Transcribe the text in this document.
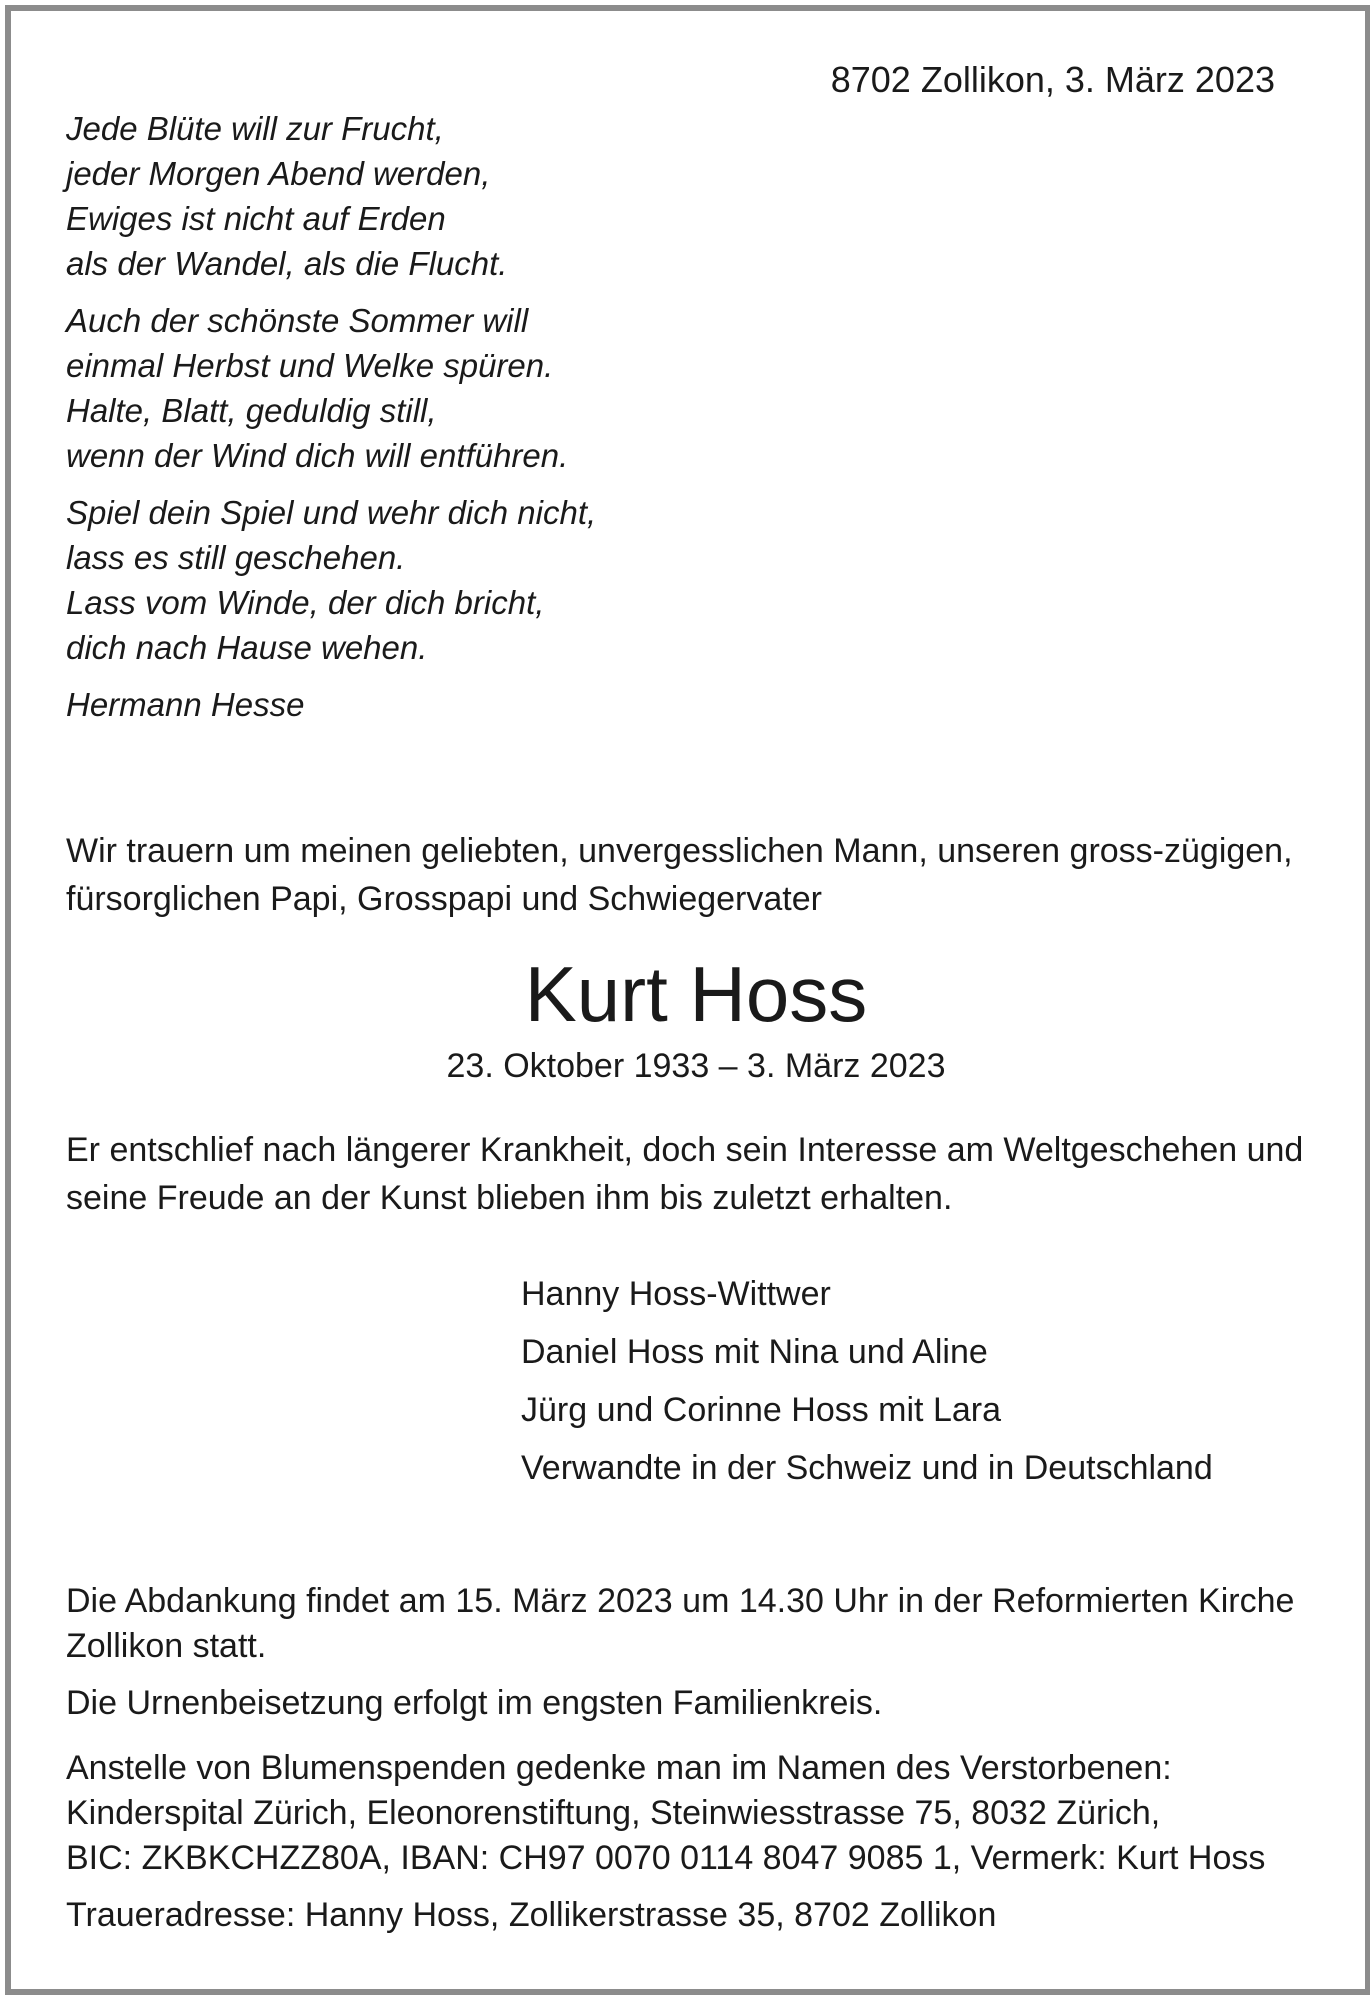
8702 Zollikon, 3. März 2023
Jede Blüte will zur Frucht,
jeder Morgen Abend werden,
Ewiges ist nicht auf Erden
als der Wandel, als die Flucht.
Auch der schönste Sommer will
einmal Herbst und Welke spüren.
Halte, Blatt, geduldig still,
wenn der Wind dich will entführen.
Spiel dein Spiel und wehr dich nicht,
lass es still geschehen.
Lass vom Winde, der dich bricht,
dich nach Hause wehen.
Hermann Hesse
Wir trauern um meinen geliebten, unvergesslichen Mann, unseren gross-zügigen, fürsorglichen Papi, Grosspapi und Schwiegervater
Kurt Hoss
23. Oktober 1933 – 3. März 2023
Er entschlief nach längerer Krankheit, doch sein Interesse am Weltgeschehen und seine Freude an der Kunst blieben ihm bis zuletzt erhalten.
Hanny Hoss-Wittwer
Daniel Hoss mit Nina und Aline
Jürg und Corinne Hoss mit Lara
Verwandte in der Schweiz und in Deutschland

Die Abdankung findet am 15. März 2023 um 14.30 Uhr in der Reformierten Kirche Zollikon statt.

Die Urnenbeisetzung erfolgt im engsten Familienkreis.

Anstelle von Blumenspenden gedenke man im Namen des Verstorbenen:
Kinderspital Zürich, Eleonorenstiftung, Steinwiesstrasse 75, 8032 Zürich,
BIC: ZKBKCHZZ80A, IBAN: CH97 0070 0114 8047 9085 1, Vermerk: Kurt Hoss

Traueradresse: Hanny Hoss, Zollikerstrasse 35, 8702 Zollikon
